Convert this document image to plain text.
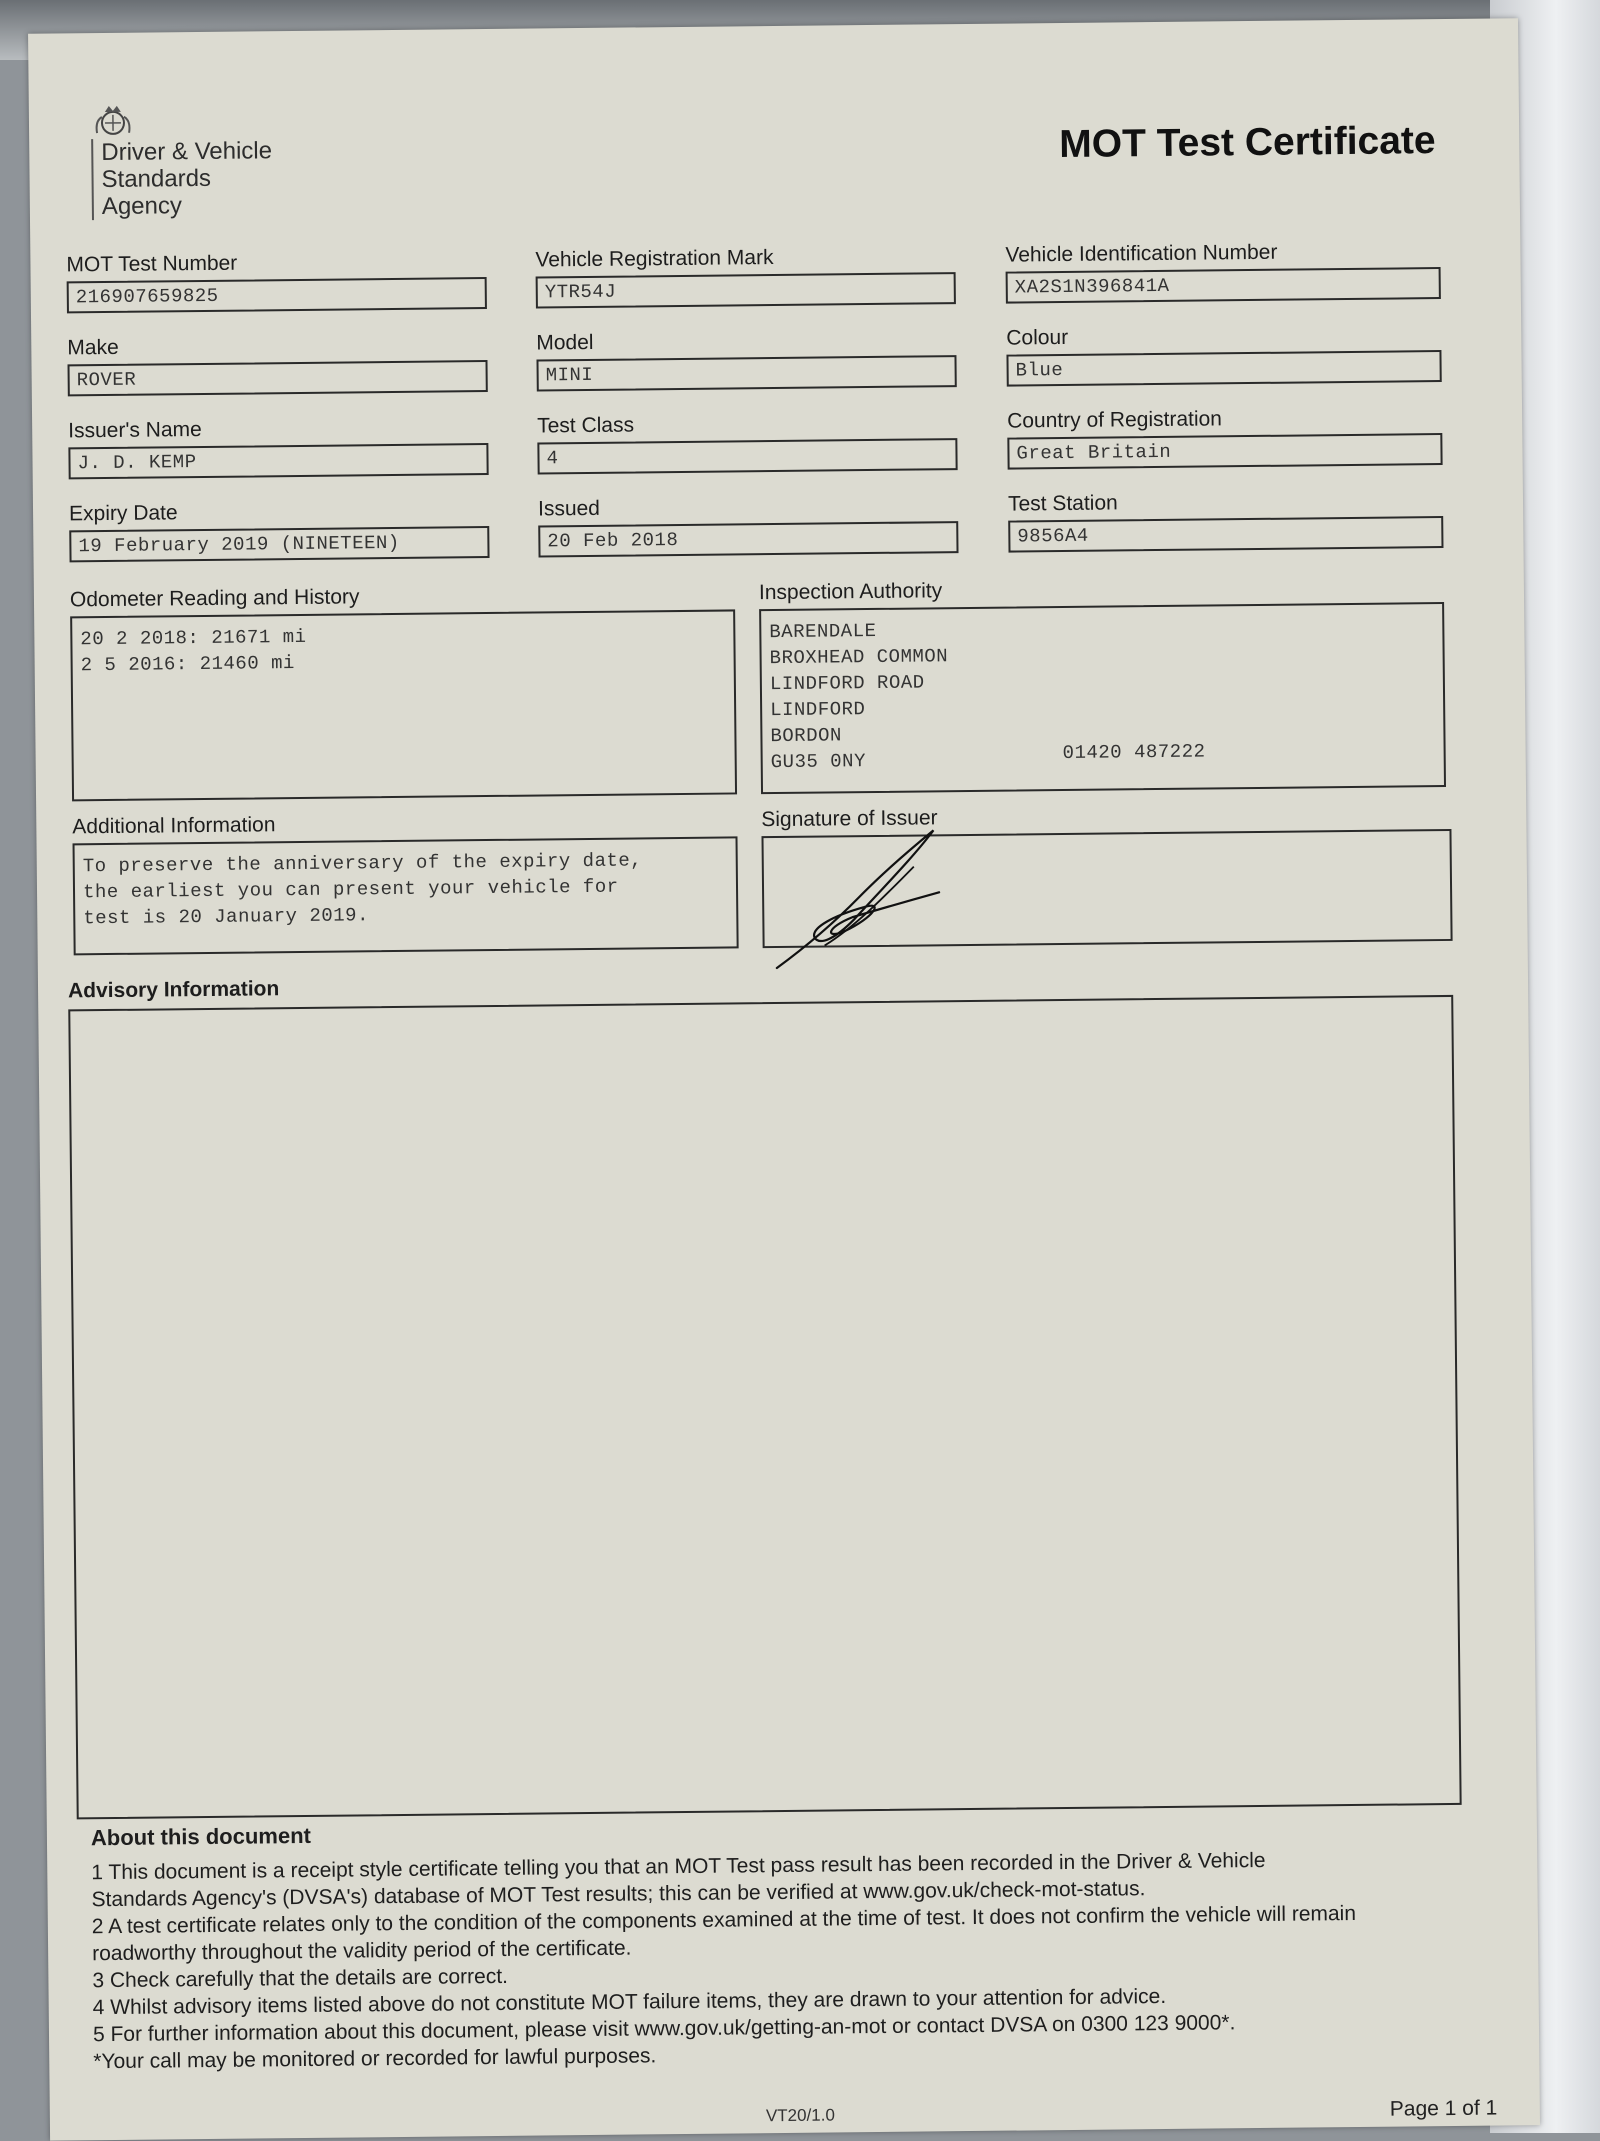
Driver & Vehicle
Standards
Agency
MOT Test Certificate
MOT Test Number
216907659825
Vehicle Registration Mark
YTR54J
Vehicle Identification Number
XA2S1N396841A
Make
ROVER
Model
MINI
Colour
Blue
Issuer's Name
J. D. KEMP
Test Class
4
Country of Registration
Great Britain
Expiry Date
19 February 2019 (NINETEEN)
Issued
20 Feb 2018
Test Station
9856A4
Odometer Reading and History
20 2 2018: 21671 mi
2 5 2016: 21460 mi
Inspection Authority
BARENDALE
BROXHEAD COMMON
LINDFORD ROAD
LINDFORD
BORDON
GU35 0NY	01420 487222
Additional Information
To preserve the anniversary of the expiry date,
the earliest you can present your vehicle for
test is 20 January 2019.
Signature of Issuer
Advisory Information
About this document
1 This document is a receipt style certificate telling you that an MOT Test pass result has been recorded in the Driver & Vehicle
Standards Agency's (DVSA's) database of MOT Test results; this can be verified at www.gov.uk/check-mot-status.
2 A test certificate relates only to the condition of the components examined at the time of test. It does not confirm the vehicle will remain
roadworthy throughout the validity period of the certificate.
3 Check carefully that the details are correct.
4 Whilst advisory items listed above do not constitute MOT failure items, they are drawn to your attention for advice.
5 For further information about this document, please visit www.gov.uk/getting-an-mot or contact DVSA on 0300 123 9000*.
*Your call may be monitored or recorded for lawful purposes.
VT20/1.0	Page 1 of 1
